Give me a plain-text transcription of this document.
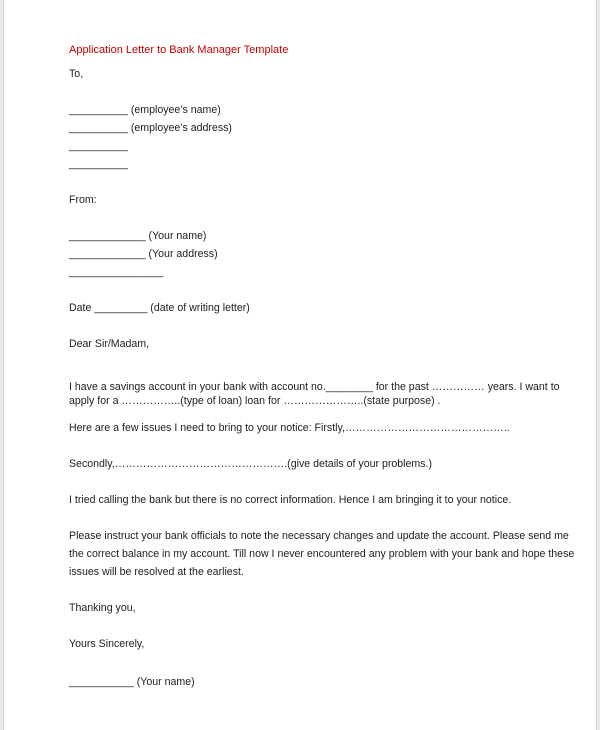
Application Letter to Bank Manager Template
To,
__________ (employee’s name)
__________ (employee’s address)
__________
__________
From:
_____________ (Your name)
_____________ (Your address)
________________
Date _________ (date of writing letter)
Dear Sir/Madam,
I have a savings account in your bank with account no.________ for the past …………… years. I want to
apply for a ……………..(type of loan) loan for …………………..(state purpose) .
Here are a few issues I need to bring to your notice: Firstly,………………………………………..
Secondly,………………………………………….(give details of your problems.)
I tried calling the bank but there is no correct information. Hence I am bringing it to your notice.
Please instruct your bank officials to note the necessary changes and update the account. Please send me
the correct balance in my account. Till now I never encountered any problem with your bank and hope these
issues will be resolved at the earliest.
Thanking you,
Yours Sincerely,
___________ (Your name)
